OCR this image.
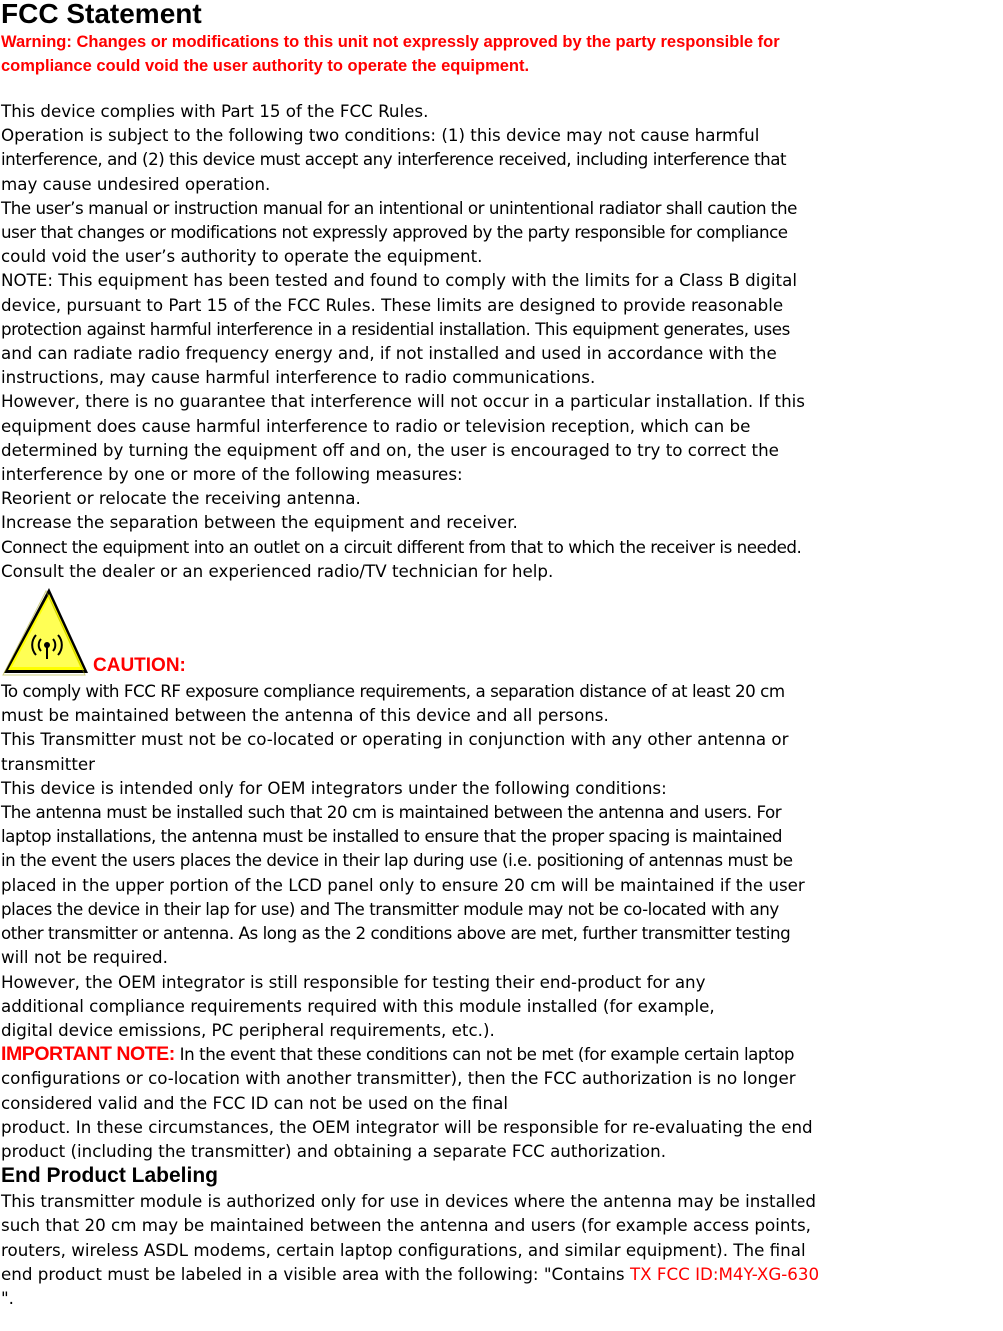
FCC Statement
Warning: Changes or modifications to this unit not expressly approved by the party responsible for compliance could void the user authority to operate the equipment.

This device complies with Part 15 of the FCC Rules.

Operation is subject to the following two conditions: (1) this device may not cause harmful

interference, and (2) this device must accept any interference received, including interference that

may cause undesired operation.

The user’s manual or instruction manual for an intentional or unintentional radiator shall caution the

user that changes or modifications not expressly approved by the party responsible for compliance

could void the user’s authority to operate the equipment.

NOTE: This equipment has been tested and found to comply with the limits for a Class B digital

device, pursuant to Part 15 of the FCC Rules. These limits are designed to provide reasonable

protection against harmful interference in a residential installation. This equipment generates, uses

and can radiate radio frequency energy and, if not installed and used in accordance with the

instructions, may cause harmful interference to radio communications.

However, there is no guarantee that interference will not occur in a particular installation. If this

equipment does cause harmful interference to radio or television reception, which can be

determined by turning the equipment off and on, the user is encouraged to try to correct the

interference by one or more of the following measures:

Reorient or relocate the receiving antenna.

Increase the separation between the equipment and receiver.

Connect the equipment into an outlet on a circuit different from that to which the receiver is needed.

Consult the dealer or an experienced radio/TV technician for help.

CAUTION:

To comply with FCC RF exposure compliance requirements, a separation distance of at least 20 cm

must be maintained between the antenna of this device and all persons.

This Transmitter must not be co-located or operating in conjunction with any other antenna or

transmitter

This device is intended only for OEM integrators under the following conditions:

The antenna must be installed such that 20 cm is maintained between the antenna and users. For

laptop installations, the antenna must be installed to ensure that the proper spacing is maintained

in the event the users places the device in their lap during use (i.e. positioning of antennas must be

placed in the upper portion of the LCD panel only to ensure 20 cm will be maintained if the user

places the device in their lap for use) and The transmitter module may not be co-located with any

other transmitter or antenna. As long as the 2 conditions above are met, further transmitter testing

will not be required.

However, the OEM integrator is still responsible for testing their end-product for any

additional compliance requirements required with this module installed (for example,

digital device emissions, PC peripheral requirements, etc.).

IMPORTANT NOTE: In the event that these conditions can not be met (for example certain laptop

configurations or co-location with another transmitter), then the FCC authorization is no longer

considered valid and the FCC ID can not be used on the final

product. In these circumstances, the OEM integrator will be responsible for re-evaluating the end

product (including the transmitter) and obtaining a separate FCC authorization.

End Product Labeling

This transmitter module is authorized only for use in devices where the antenna may be installed

such that 20 cm may be maintained between the antenna and users (for example access points,

routers, wireless ASDL modems, certain laptop configurations, and similar equipment). The final

end product must be labeled in a visible area with the following: "Contains TX FCC ID:M4Y-XG-630

".
